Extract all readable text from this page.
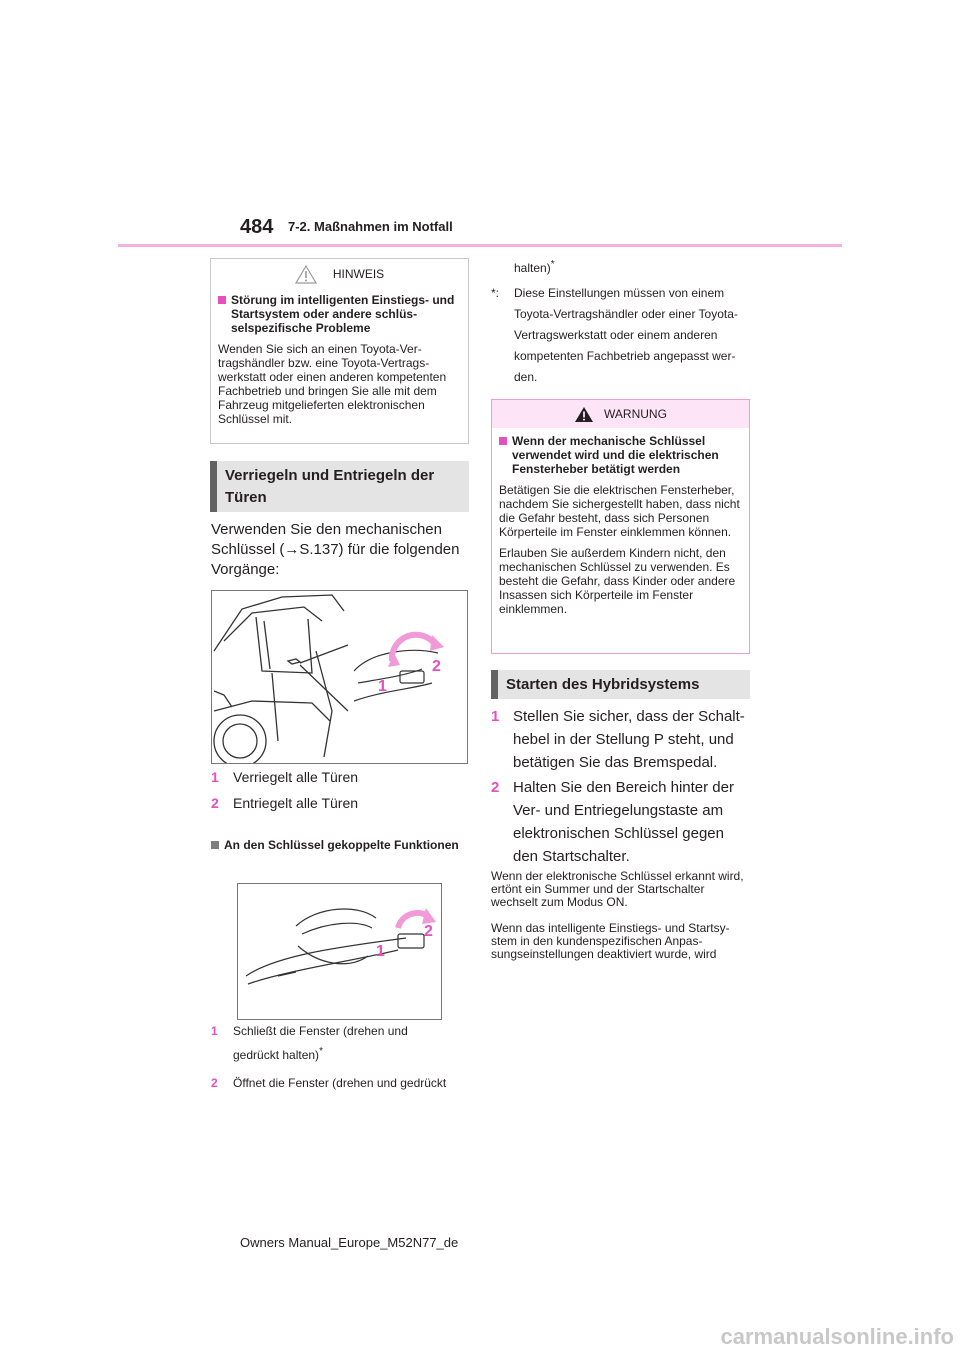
484 7-2. Maßnahmen im Notfall
HINWEIS
Störung im intelligenten Einstiegs- und Startsystem oder andere schlüsselspezifische Probleme
Wenden Sie sich an einen Toyota-Vertragshändler bzw. eine Toyota-Vertragswerkstatt oder einen anderen kompetenten Fachbetrieb und bringen Sie alle mit dem Fahrzeug mitgelieferten elektronischen Schlüssel mit.
Verriegeln und Entriegeln der Türen
Verwenden Sie den mechanischen Schlüssel (→S.137) für die folgenden Vorgänge:
1
2
1	Verriegelt alle Türen
2	Entriegelt alle Türen
An den Schlüssel gekoppelte Funktionen
1
2
1	Schließt die Fenster (drehen und
gedrückt halten)*
2	Öffnet die Fenster (drehen und gedrückt
halten)*
*:	Diese Einstellungen müssen von einem Toyota-Vertragshändler oder einer Toyota-Vertragswerkstatt oder einem anderen kompetenten Fachbetrieb angepasst werden.
WARNUNG
Wenn der mechanische Schlüssel verwendet wird und die elektrischen Fensterheber betätigt werden
Betätigen Sie die elektrischen Fensterheber, nachdem Sie sichergestellt haben, dass nicht die Gefahr besteht, dass sich Personen Körperteile im Fenster einklemmen können.
Erlauben Sie außerdem Kindern nicht, den mechanischen Schlüssel zu verwenden. Es besteht die Gefahr, dass Kinder oder andere Insassen sich Körperteile im Fenster einklemmen.
Starten des Hybridsystems
1 Stellen Sie sicher, dass der Schalthebel in der Stellung P steht, und betätigen Sie das Bremspedal.
2 Halten Sie den Bereich hinter der Ver- und Entriegelungstaste am elektronischen Schlüssel gegen den Startschalter.
Wenn der elektronische Schlüssel erkannt wird, ertönt ein Summer und der Startschalter wechselt zum Modus ON.
Wenn das intelligente Einstiegs- und Startsystem in den kundenspezifischen Anpassungseinstellungen deaktiviert wurde, wird
Owners Manual_Europe_M52N77_de
carmanualsonline.info
